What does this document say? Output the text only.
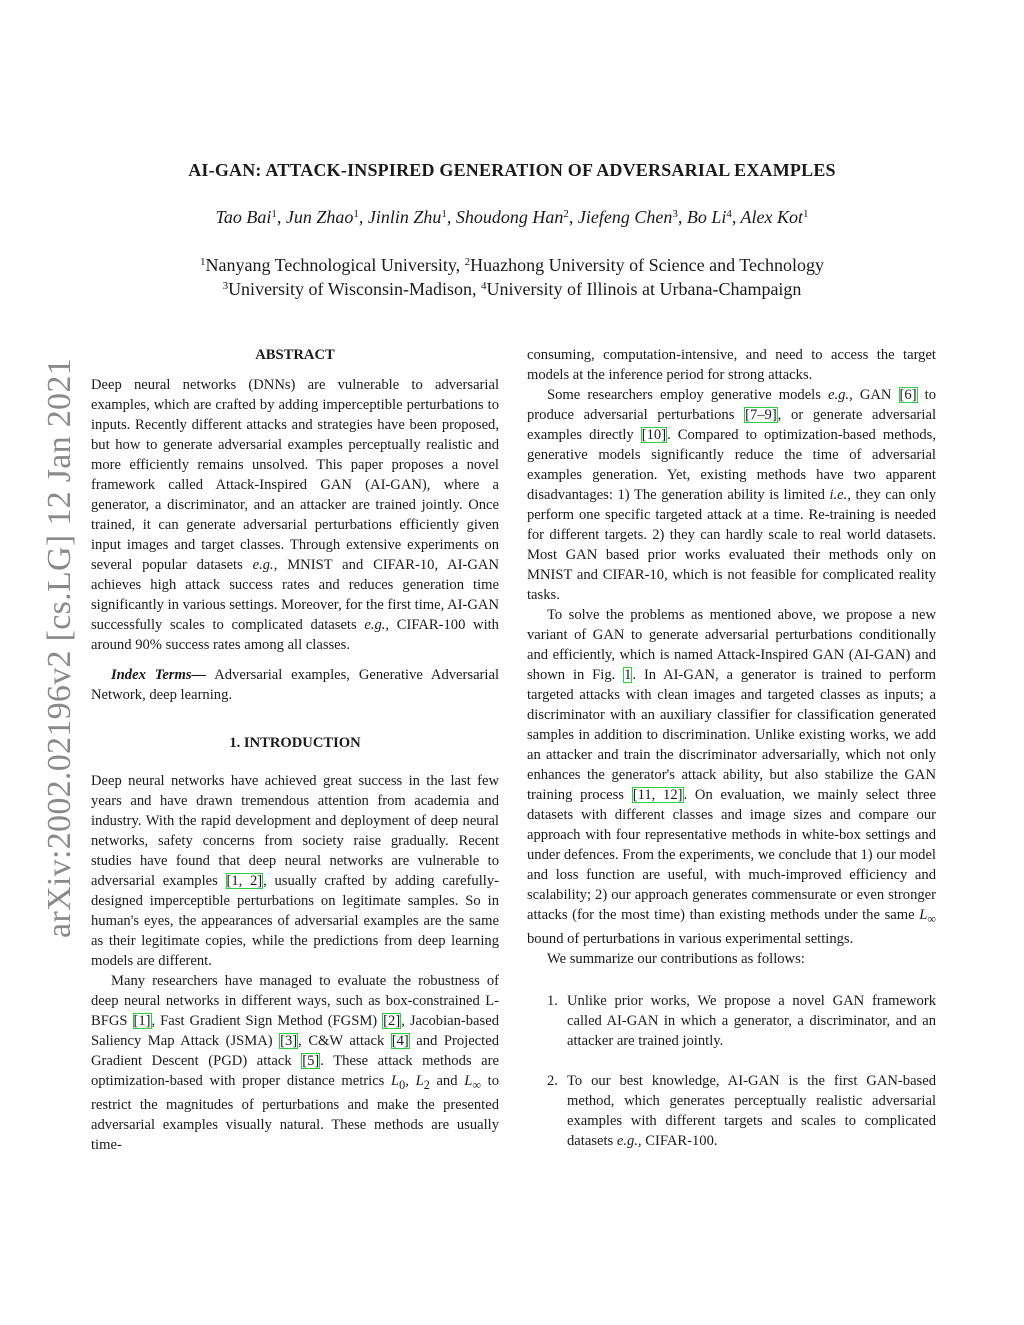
arXiv:2002.02196v2 [cs.LG] 12 Jan 2021
AI-GAN: ATTACK-INSPIRED GENERATION OF ADVERSARIAL EXAMPLES
Tao Bai$^1$, Jun Zhao$^1$, Jinlin Zhu$^1$, Shoudong Han$^2$, Jiefeng Chen$^3$, Bo Li$^4$, Alex Kot$^1$
$^1$Nanyang Technological University, $^2$Huazhong University of Science and Technology
$^3$University of Wisconsin-Madison, $^4$University of Illinois at Urbana-Champaign
ABSTRACT

Deep neural networks (DNNs) are vulnerable to adversarial examples, which are crafted by adding imperceptible perturbations to inputs. Recently different attacks and strategies have been proposed, but how to generate adversarial examples perceptually realistic and more efficiently remains unsolved. This paper proposes a novel framework called Attack-Inspired GAN (AI-GAN), where a generator, a discriminator, and an attacker are trained jointly. Once trained, it can generate adversarial perturbations efficiently given input images and target classes. Through extensive experiments on several popular datasets e.g., MNIST and CIFAR-10, AI-GAN achieves high attack success rates and reduces generation time significantly in various settings. Moreover, for the first time, AI-GAN successfully scales to complicated datasets e.g., CIFAR-100 with around 90% success rates among all classes.

Index Terms— Adversarial examples, Generative Adversarial Network, deep learning.

1. INTRODUCTION

Deep neural networks have achieved great success in the last few years and have drawn tremendous attention from academia and industry. With the rapid development and deployment of deep neural networks, safety concerns from society raise gradually. Recent studies have found that deep neural networks are vulnerable to adversarial examples [1, 2], usually crafted by adding carefully-designed imperceptible perturbations on legitimate samples. So in human's eyes, the appearances of adversarial examples are the same as their legitimate copies, while the predictions from deep learning models are different.

Many researchers have managed to evaluate the robustness of deep neural networks in different ways, such as box-constrained L-BFGS [1], Fast Gradient Sign Method (FGSM) [2], Jacobian-based Saliency Map Attack (JSMA) [3], C&W attack [4] and Projected Gradient Descent (PGD) attack [5]. These attack methods are optimization-based with proper distance metrics $L_0$, $L_2$ and $L_\infty$ to restrict the magnitudes of perturbations and make the presented adversarial examples visually natural. These methods are usually time-

consuming, computation-intensive, and need to access the target models at the inference period for strong attacks.

Some researchers employ generative models e.g., GAN [6] to produce adversarial perturbations [7–9], or generate adversarial examples directly [10]. Compared to optimization-based methods, generative models significantly reduce the time of adversarial examples generation. Yet, existing methods have two apparent disadvantages: 1) The generation ability is limited i.e., they can only perform one specific targeted attack at a time. Re-training is needed for different targets. 2) they can hardly scale to real world datasets. Most GAN based prior works evaluated their methods only on MNIST and CIFAR-10, which is not feasible for complicated reality tasks.

To solve the problems as mentioned above, we propose a new variant of GAN to generate adversarial perturbations conditionally and efficiently, which is named Attack-Inspired GAN (AI-GAN) and shown in Fig. 1. In AI-GAN, a generator is trained to perform targeted attacks with clean images and targeted classes as inputs; a discriminator with an auxiliary classifier for classification generated samples in addition to discrimination. Unlike existing works, we add an attacker and train the discriminator adversarially, which not only enhances the generator's attack ability, but also stabilize the GAN training process [11, 12]. On evaluation, we mainly select three datasets with different classes and image sizes and compare our approach with four representative methods in white-box settings and under defences. From the experiments, we conclude that 1) our model and loss function are useful, with much-improved efficiency and scalability; 2) our approach generates commensurate or even stronger attacks (for the most time) than existing methods under the same $L_\infty$ bound of perturbations in various experimental settings.

We summarize our contributions as follows:

1. Unlike prior works, We propose a novel GAN framework called AI-GAN in which a generator, a discriminator, and an attacker are trained jointly.
2. To our best knowledge, AI-GAN is the first GAN-based method, which generates perceptually realistic adversarial examples with different targets and scales to complicated datasets e.g., CIFAR-100.
